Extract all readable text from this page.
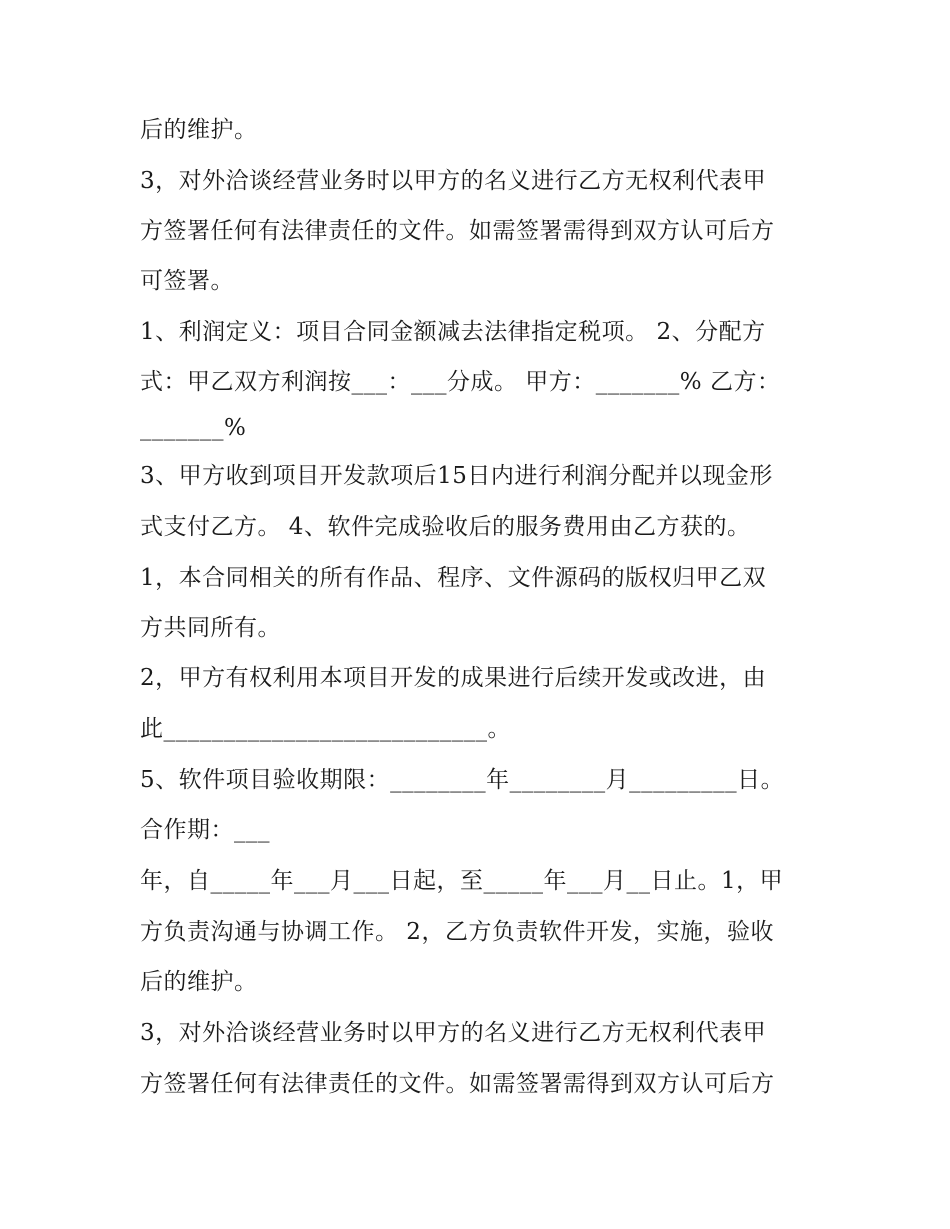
后的维护。
3，对外洽谈经营业务时以甲方的名义进行乙方无权利代表甲
方签署任何有法律责任的文件。如需签署需得到双方认可后方
可签署。
1、利润定义：项目合同金额减去法律指定税项。 2、分配方
式：甲乙双方利润按___：___分成。 甲方：_______% 乙方：
_______%
3、甲方收到项目开发款项后15日内进行利润分配并以现金形
式支付乙方。 4、软件完成验收后的服务费用由乙方获的。
1，本合同相关的所有作品、程序、文件源码的版权归甲乙双
方共同所有。
2，甲方有权利用本项目开发的成果进行后续开发或改进，由
此___________________________。
5、软件项目验收期限：________年________月_________日。
合作期：___
年，自_____年___月___日起，至_____年___月__日止。1，甲
方负责沟通与协调工作。 2，乙方负责软件开发，实施，验收
后的维护。
3，对外洽谈经营业务时以甲方的名义进行乙方无权利代表甲
方签署任何有法律责任的文件。如需签署需得到双方认可后方
